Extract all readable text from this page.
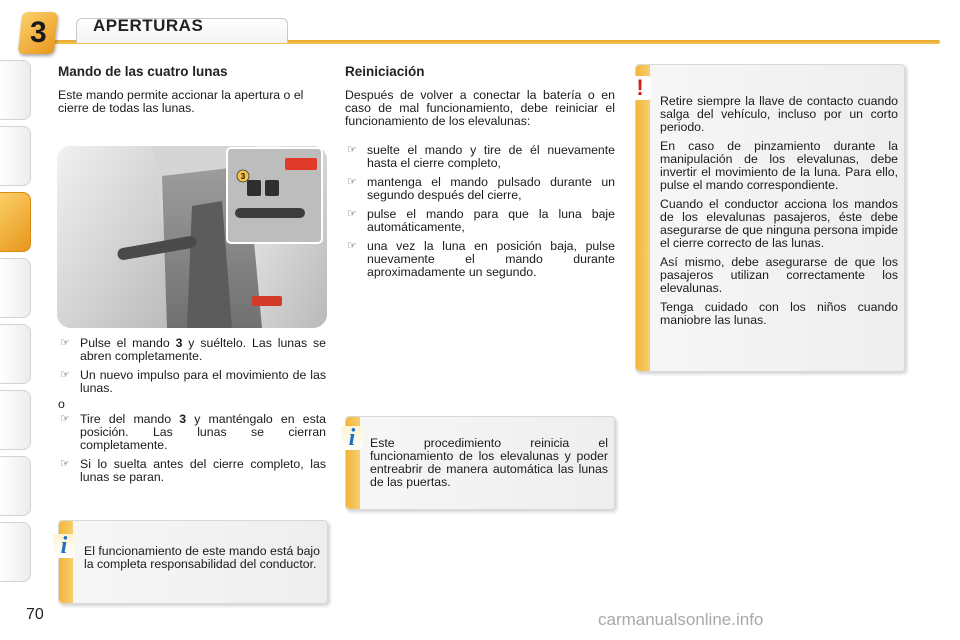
3	APERTURAS
Mando de las cuatro lunas

Este mando permite accionar la apertura o el cierre de todas las lunas.

3
☞ Pulse el mando 3 y suéltelo. Las lunas se abren completamente.
☞ Un nuevo impulso para el movimiento de las lunas.
o
☞ Tire del mando 3 y manténgalo en esta posición. Las lunas se cierran completamente.
☞ Si lo suelta antes del cierre completo, las lunas se paran.
El funcionamiento de este mando está bajo la completa responsabilidad del conductor.
i
Reiniciación

Después de volver a conectar la batería o en caso de mal funcionamiento, debe reiniciar el funcionamiento de los elevalunas:

☞ suelte el mando y tire de él nuevamente hasta el cierre completo,
☞ mantenga el mando pulsado durante un segundo después del cierre,
☞ pulse el mando para que la luna baje automáticamente,
☞ una vez la luna en posición baja, pulse nuevamente el mando durante aproximadamente un segundo.
Este procedimiento reinicia el funcionamiento de los elevalunas y poder entreabrir de manera automática las lunas de las puertas.
i

Retire siempre la llave de contacto cuando salga del vehículo, incluso por un corto periodo.

En caso de pinzamiento durante la manipulación de los elevalunas, debe invertir el movimiento de la luna. Para ello, pulse el mando correspondiente.

Cuando el conductor acciona los mandos de los elevalunas pasajeros, éste debe asegurarse de que ninguna persona impide el cierre correcto de las lunas.

Así mismo, debe asegurarse de que los pasajeros utilizan correctamente los elevalunas.

Tenga cuidado con los niños cuando maniobre las lunas.

!
70	carmanualsonline.info
